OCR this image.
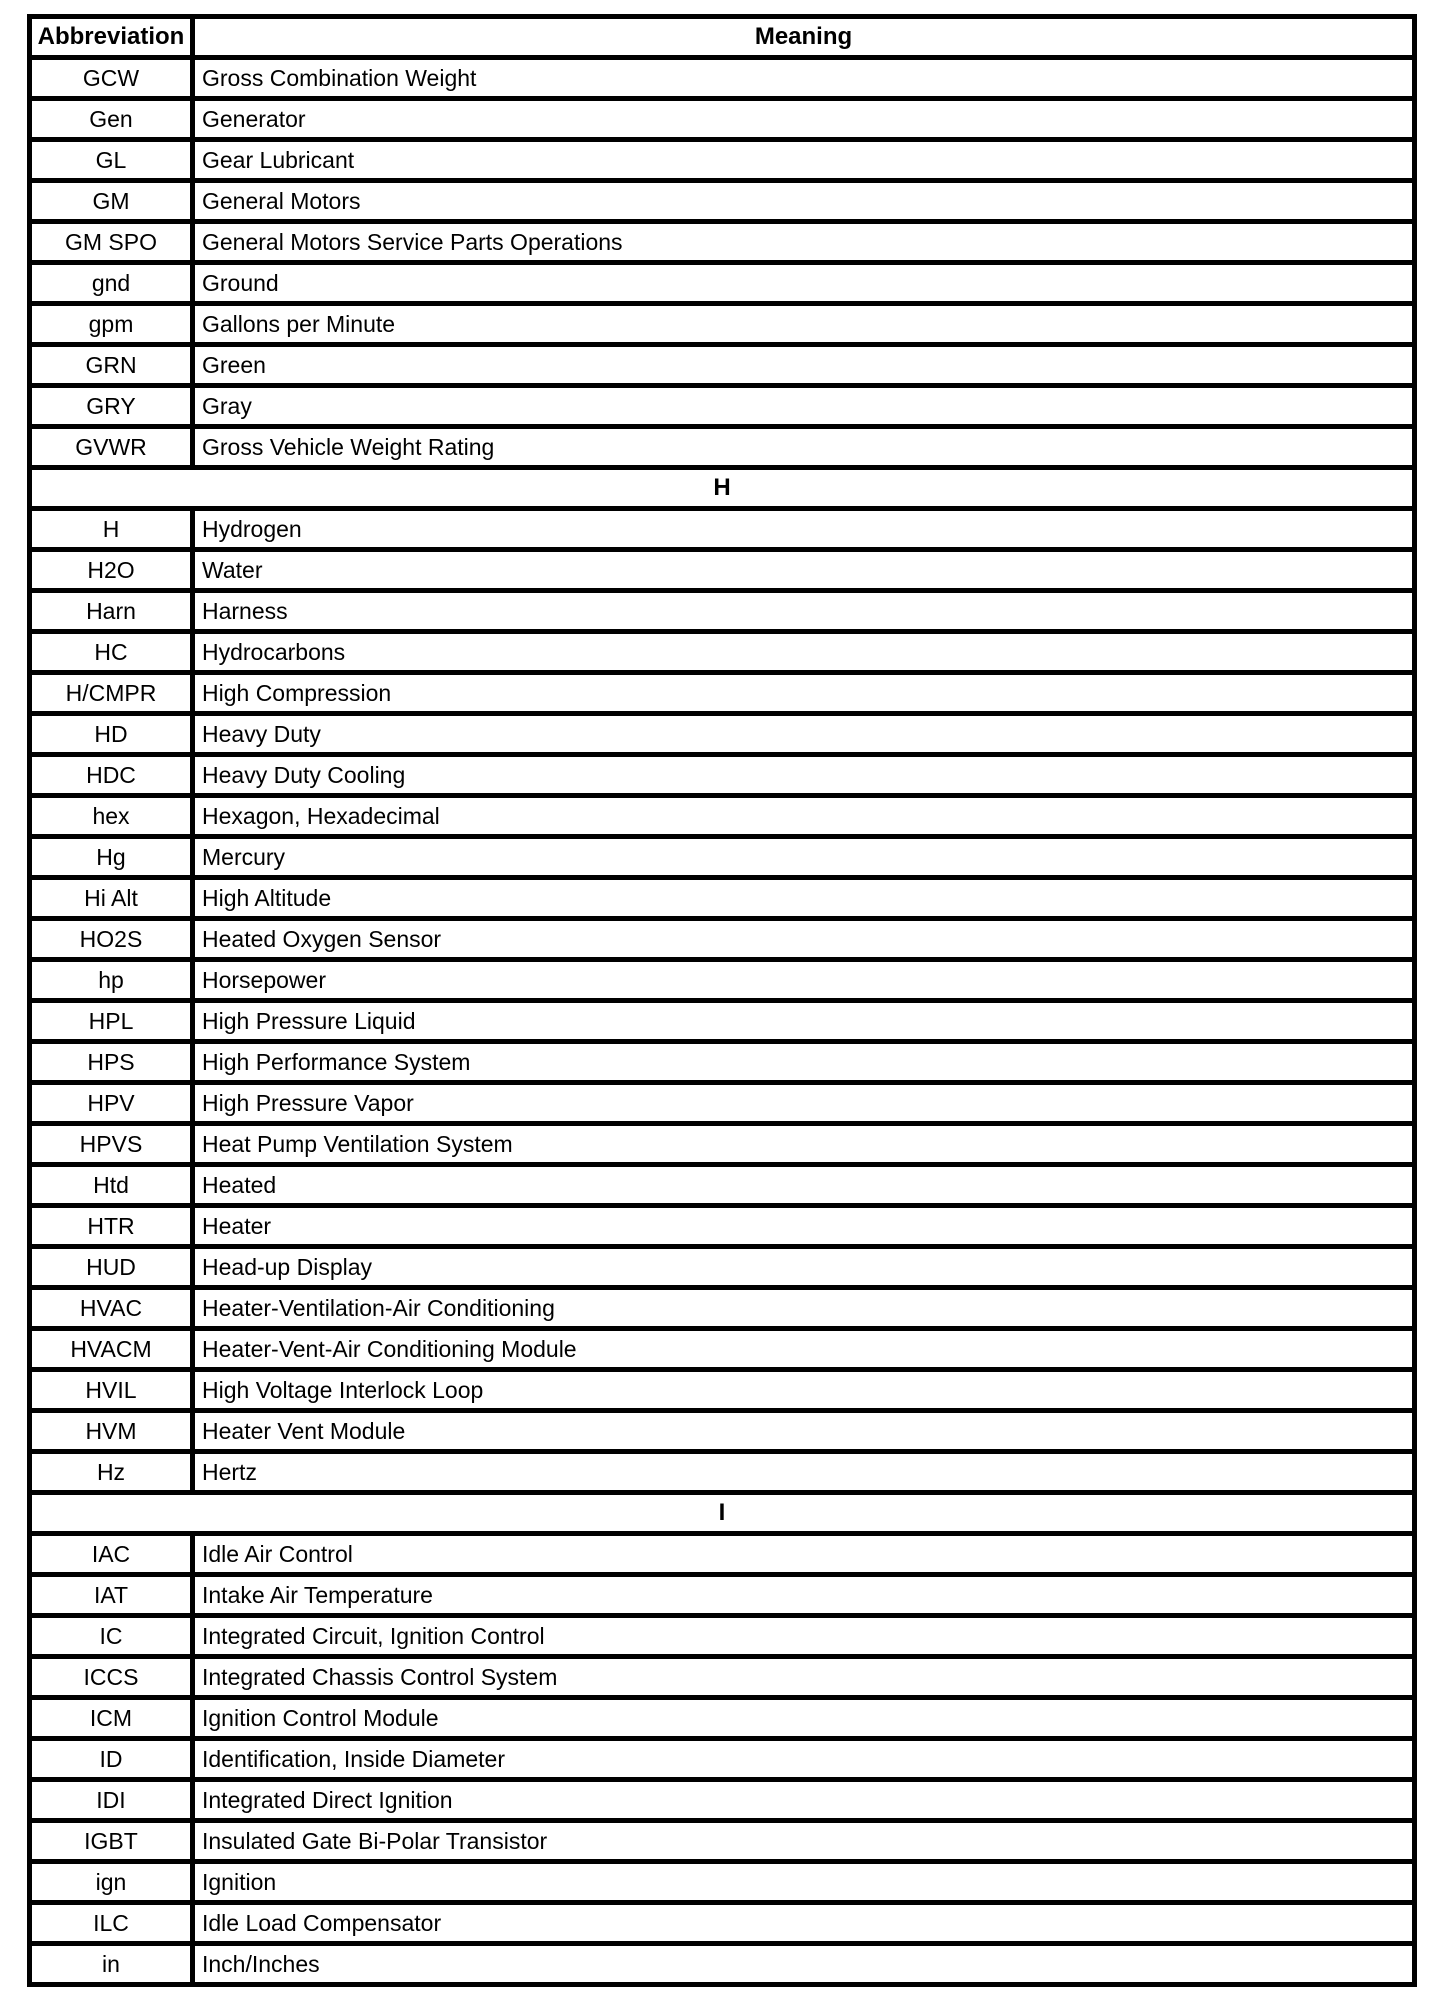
Abbreviation	Meaning
GCW	Gross Combination Weight
Gen	Generator
GL	Gear Lubricant
GM	General Motors
GM SPO	General Motors Service Parts Operations
gnd	Ground
gpm	Gallons per Minute
GRN	Green
GRY	Gray
GVWR	Gross Vehicle Weight Rating
H	
H	Hydrogen
H2O	Water
Harn	Harness
HC	Hydrocarbons
H/CMPR	High Compression
HD	Heavy Duty
HDC	Heavy Duty Cooling
hex	Hexagon, Hexadecimal
Hg	Mercury
Hi Alt	High Altitude
HO2S	Heated Oxygen Sensor
hp	Horsepower
HPL	High Pressure Liquid
HPS	High Performance System
HPV	High Pressure Vapor
HPVS	Heat Pump Ventilation System
Htd	Heated
HTR	Heater
HUD	Head-up Display
HVAC	Heater-Ventilation-Air Conditioning
HVACM	Heater-Vent-Air Conditioning Module
HVIL	High Voltage Interlock Loop
HVM	Heater Vent Module
Hz	Hertz
I	
IAC	Idle Air Control
IAT	Intake Air Temperature
IC	Integrated Circuit, Ignition Control
ICCS	Integrated Chassis Control System
ICM	Ignition Control Module
ID	Identification, Inside Diameter
IDI	Integrated Direct Ignition
IGBT	Insulated Gate Bi-Polar Transistor
ign	Ignition
ILC	Idle Load Compensator
in	Inch/Inches
